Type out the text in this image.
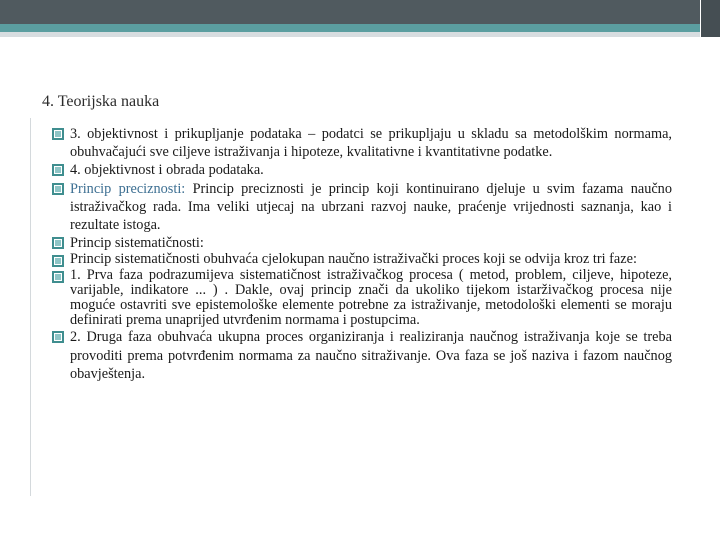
4. Teorijska nauka
3. objektivnost i prikupljanje podataka – podatci se prikupljaju u skladu sa metodolškim normama, obuhvačajući sve ciljeve istraživanja i hipoteze, kvalitativne i kvantitativne podatke.
4. objektivnost i obrada podataka.
Princip preciznosti: Princip preciznosti je princip koji kontinuirano djeluje u svim fazama naučno istraživačkog rada. Ima veliki utjecaj na ubrzani razvoj nauke, praćenje vrijednosti saznanja, kao i rezultate istoga.
Princip sistematičnosti:
Princip sistematičnosti obuhvaća cjelokupan naučno istraživački proces koji se odvija kroz tri faze:
1. Prva faza podrazumijeva sistematičnost istraživačkog procesa ( metod, problem, ciljeve, hipoteze, varijable, indikatore ... ) . Dakle, ovaj princip znači da ukoliko tijekom istarživačkog procesa nije moguće ostavriti sve epistemološke elemente potrebne za istraživanje, metodološki elementi se moraju definirati prema unaprijed utvrđenim normama i postupcima.
2. Druga faza obuhvaća ukupna proces organiziranja i realiziranja naučnog istraživanja koje se treba provoditi prema potvrđenim normama za naučno sitraživanje. Ova faza se još naziva i fazom naučnog obavještenja.
